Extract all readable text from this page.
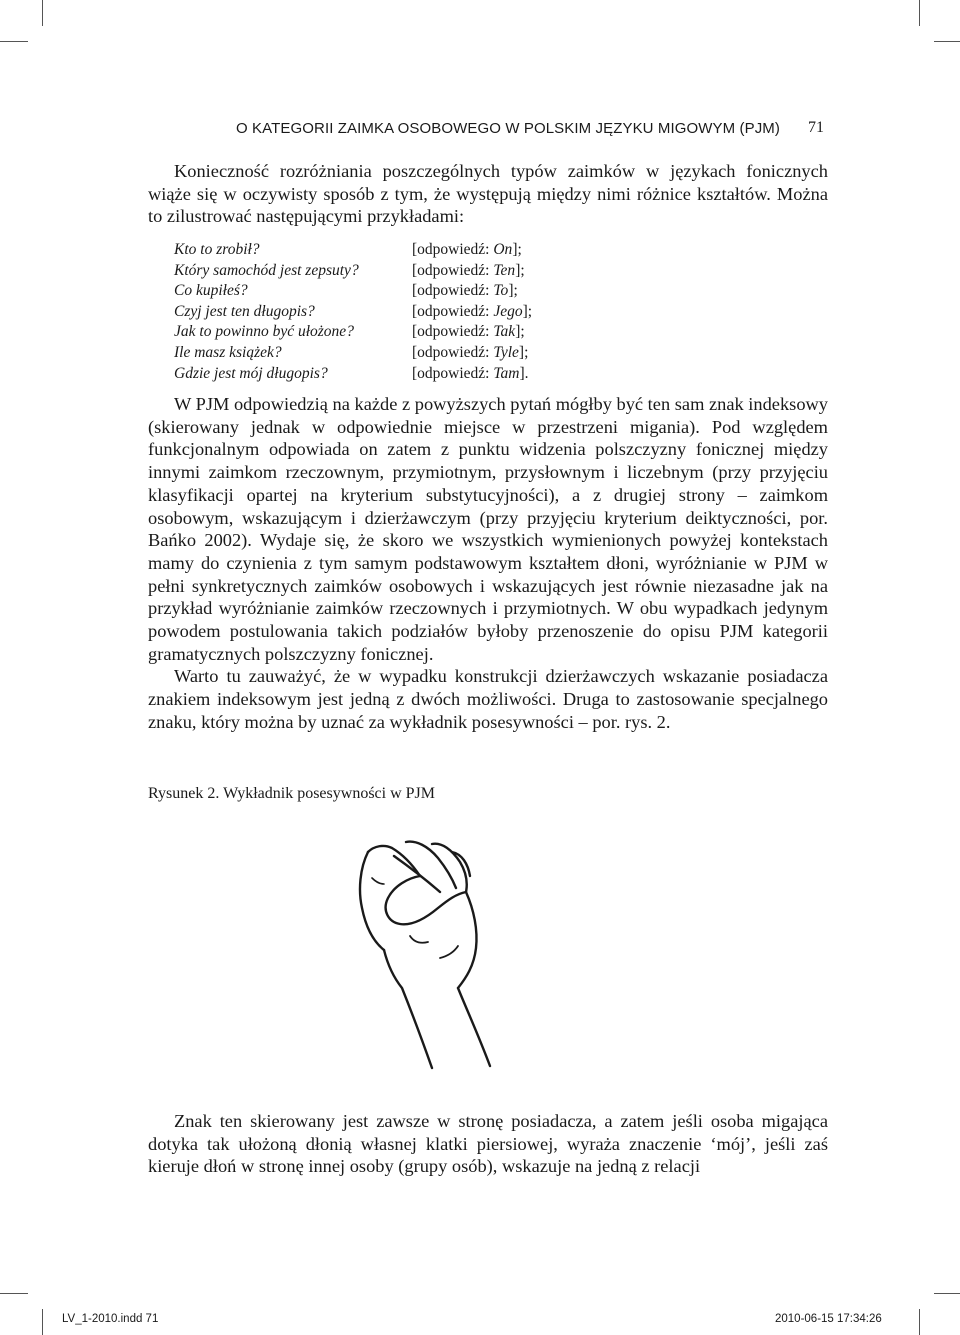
O KATEGORII ZAIMKA OSOBOWEGO W POLSKIM JĘZYKU MIGOWYM (PJM) 71

Konieczność rozróżniania poszczególnych typów zaimków w językach fonicznych wiąże się w oczywisty sposób z tym, że występują między nimi różnice kształtów. Można to zilustrować następującymi przykładami:

Kto to zrobił?
Który samochód jest zepsuty?
Co kupiłeś?
Czyj jest ten długopis?
Jak to powinno być ułożone?
Ile masz książek?
Gdzie jest mój długopis?
[odpowiedź: On];
[odpowiedź: Ten];
[odpowiedź: To];
[odpowiedź: Jego];
[odpowiedź: Tak];
[odpowiedź: Tyle];
[odpowiedź: Tam].

W PJM odpowiedzią na każde z powyższych pytań mógłby być ten sam znak indeksowy (skierowany jednak w odpowiednie miejsce w przestrzeni migania). Pod względem funkcjonalnym odpowiada on zatem z punktu widzenia polszczyzny fonicznej między innymi zaimkom rzeczownym, przymiotnym, przysłownym i liczebnym (przy przyjęciu klasyfikacji opartej na kryterium substytucyjności), a z drugiej strony – zaimkom osobowym, wskazującym i dzierżawczym (przy przyjęciu kryterium deiktyczności, por. Bańko 2002). Wydaje się, że skoro we wszystkich wymienionych powyżej kontekstach mamy do czynienia z tym samym podstawowym kształtem dłoni, wyróżnianie w PJM w pełni synkretycznych zaimków osobowych i wskazujących jest równie niezasadne jak na przykład wyróżnianie zaimków rzeczownych i przymiotnych. W obu wypadkach jedynym powodem postulowania takich podziałów byłoby przenoszenie do opisu PJM kategorii gramatycznych polszczyzny fonicznej.

Warto tu zauważyć, że w wypadku konstrukcji dzierżawczych wskazanie posiadacza znakiem indeksowym jest jedną z dwóch możliwości. Druga to zastosowanie specjalnego znaku, który można by uznać za wykładnik posesywności – por. rys. 2.

Rysunek 2. Wykładnik posesywności w PJM

Znak ten skierowany jest zawsze w stronę posiadacza, a zatem jeśli osoba migająca dotyka tak ułożoną dłonią własnej klatki piersiowej, wyraża znaczenie ‘mój’, jeśli zaś kieruje dłoń w stronę innej osoby (grupy osób), wskazuje na jedną z relacji

LV_1-2010.indd 71	2010-06-15 17:34:26
